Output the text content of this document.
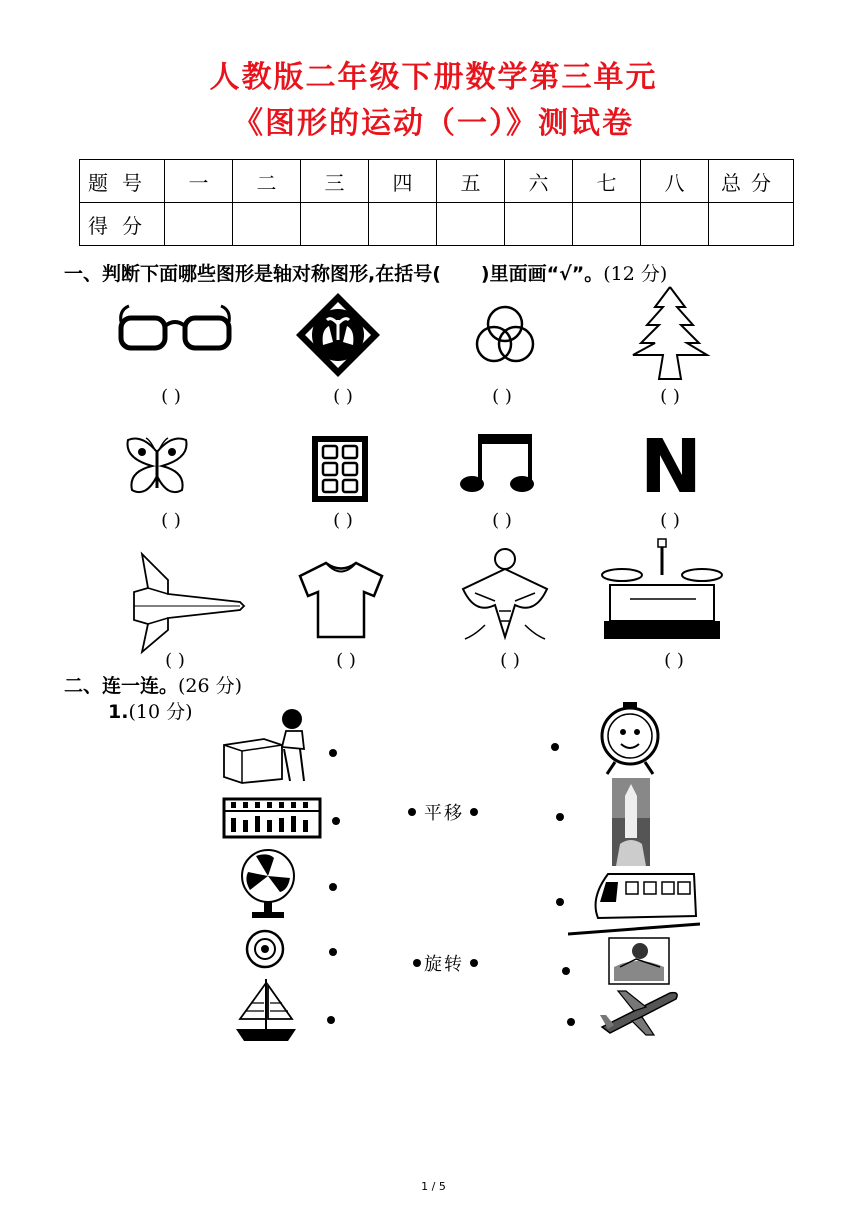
人教版二年级下册数学第三单元
《图形的运动（一）》测试卷
题号	一	二	三	四	五	六	七	八	总分
得分									
一、判断下面哪些图形是轴对称图形,在括号( )里面画“√”。(12 分)
( )	( )	( )	( )
N
( )	( )	( )	( )
( )	( )	( )	( )
二、连一连。(26 分)
1.(10 分)
平移
旋转
1 / 5
